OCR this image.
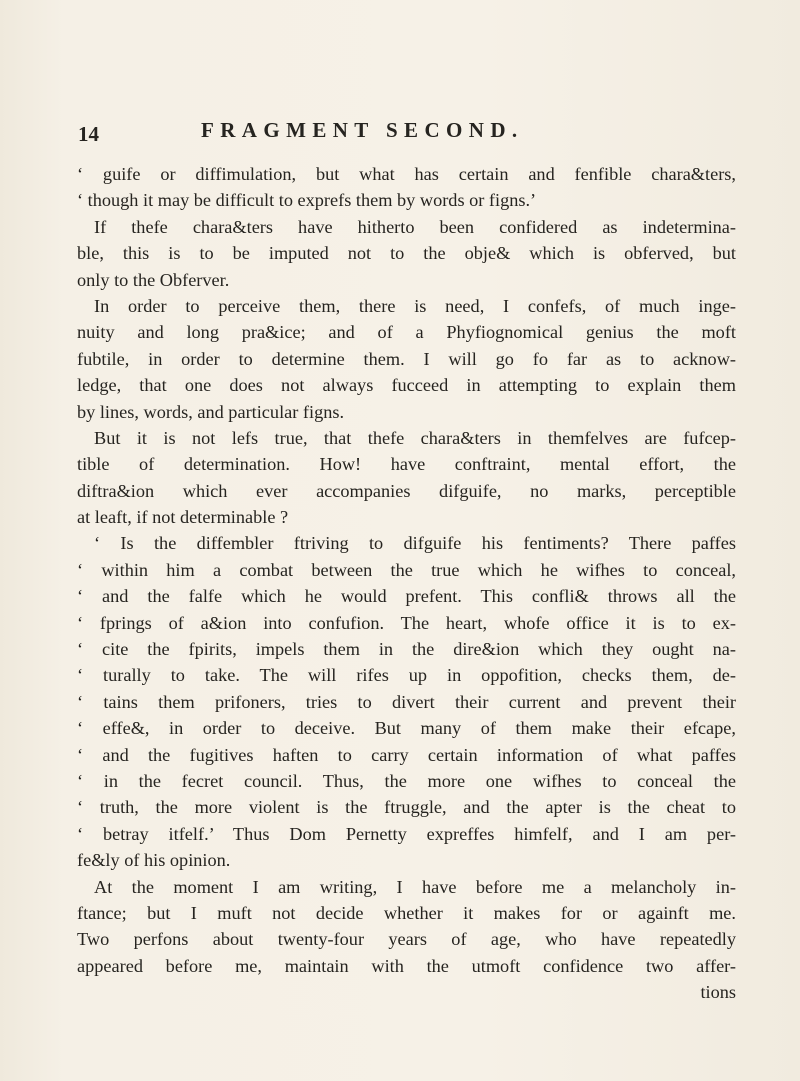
14	FRAGMENT SECOND.
‘ guife or diffimulation, but what has certain and fenfible chara&ters,
‘ though it may be difficult to exprefs them by words or figns.’
If thefe chara&ters have hitherto been confidered as indetermina-
ble, this is to be imputed not to the obje& which is obferved, but
only to the Obferver.
In order to perceive them, there is need, I confefs, of much inge-
nuity and long pra&ice; and of a Phyfiognomical genius the moft
fubtile, in order to determine them. I will go fo far as to acknow-
ledge, that one does not always fucceed in attempting to explain them
by lines, words, and particular figns.
But it is not lefs true, that thefe chara&ters in themfelves are fufcep-
tible of determination. How! have conftraint, mental effort, the
diftra&ion which ever accompanies difguife, no marks, perceptible
at leaft, if not determinable ?
‘ Is the diffembler ftriving to difguife his fentiments? There paffes
‘ within him a combat between the true which he wifhes to conceal,
‘ and the falfe which he would prefent. This confli& throws all the
‘ fprings of a&ion into confufion. The heart, whofe office it is to ex-
‘ cite the fpirits, impels them in the dire&ion which they ought na-
‘ turally to take. The will rifes up in oppofition, checks them, de-
‘ tains them prifoners, tries to divert their current and prevent their
‘ effe&, in order to deceive. But many of them make their efcape,
‘ and the fugitives haften to carry certain information of what paffes
‘ in the fecret council. Thus, the more one wifhes to conceal the
‘ truth, the more violent is the ftruggle, and the apter is the cheat to
‘ betray itfelf.’ Thus Dom Pernetty expreffes himfelf, and I am per-
fe&ly of his opinion.
At the moment I am writing, I have before me a melancholy in-
ftance; but I muft not decide whether it makes for or againft me.
Two perfons about twenty-four years of age, who have repeatedly
appeared before me, maintain with the utmoft confidence two affer-
tions
